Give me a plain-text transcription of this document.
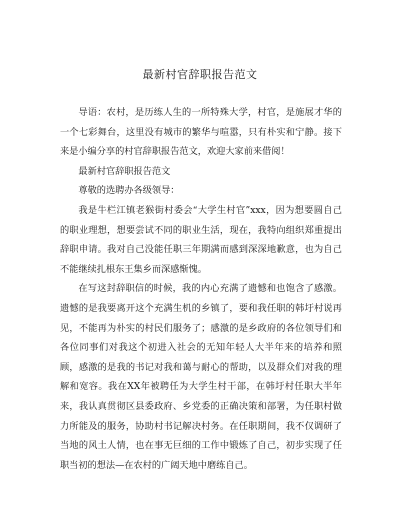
最新村官辞职报告范文

导语：农村，是历练人生的一所特殊大学，村官，是施展才华的一个七彩舞台，这里没有城市的繁华与喧嚣，只有朴实和宁静。接下来是小编分享的村官辞职报告范文，欢迎大家前来借阅！

最新村官辞职报告范文

尊敬的选聘办各级领导：

我是牛栏江镇老猴街村委会“大学生村官”xxx，因为想要圆自己的职业理想，想要尝试不同的职业生活，现在，我特向组织郑重提出辞职申请。我对自己没能任职三年期满而感到深深地歉意，也为自己不能继续扎根东王集乡而深感惭愧。

在写这封辞职信的时候，我的内心充满了遗憾和也饱含了感激。遗憾的是我要离开这个充满生机的乡镇了，要和我任职的韩圩村说再见，不能再为朴实的村民们服务了；感激的是乡政府的各位领导们和各位同事们对我这个初进入社会的无知年轻人大半年来的培养和照顾，感激的是我的书记对我和蔼与耐心的帮助，以及群众们对我的理解和宽容。我在XX年被聘任为大学生村干部，在韩圩村任职大半年来，我认真贯彻区县委政府、乡党委的正确决策和部署，为任职村做力所能及的服务，协助村书记解决村务。在任职期间，我不仅调研了当地的风土人情，也在事无巨细的工作中锻炼了自己，初步实现了任职当初的想法—在农村的广阔天地中磨练自己。
